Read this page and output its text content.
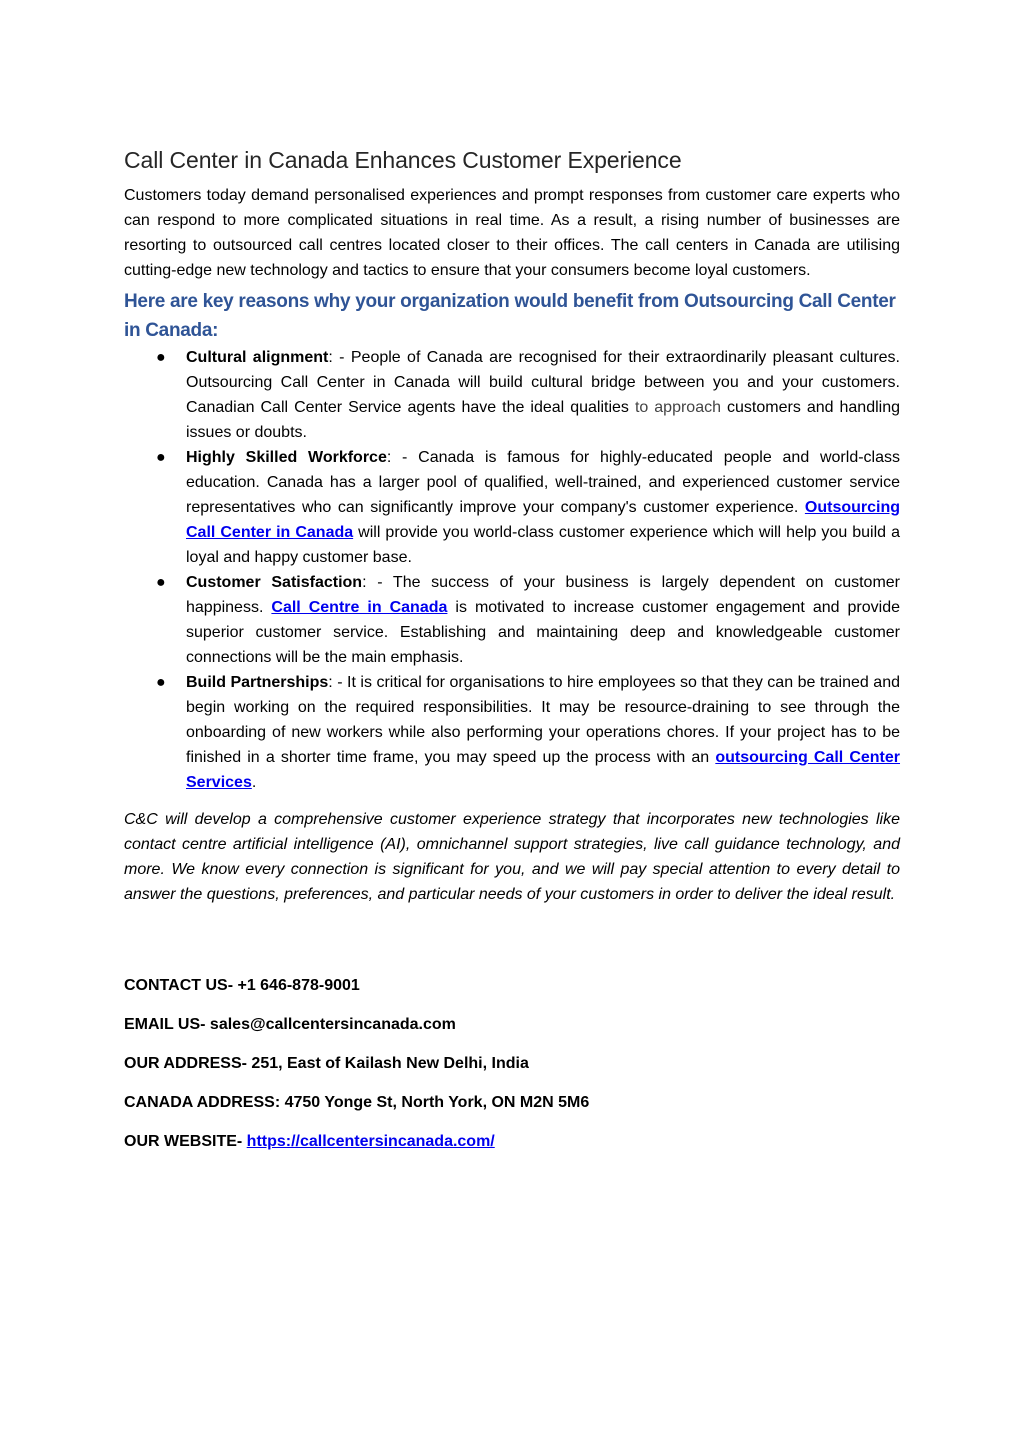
Call Center in Canada Enhances Customer Experience

Customers today demand personalised experiences and prompt responses from customer care experts who can respond to more complicated situations in real time. As a result, a rising number of businesses are resorting to outsourced call centres located closer to their offices. The call centers in Canada are utilising cutting-edge new technology and tactics to ensure that your consumers become loyal customers.

Here are key reasons why your organization would benefit from Outsourcing Call Center in Canada:
● Cultural alignment: - People of Canada are recognised for their extraordinarily pleasant cultures. Outsourcing Call Center in Canada will build cultural bridge between you and your customers. Canadian Call Center Service agents have the ideal qualities to approach customers and handling issues or doubts.
● Highly Skilled Workforce: - Canada is famous for highly-educated people and world-class education. Canada has a larger pool of qualified, well-trained, and experienced customer service representatives who can significantly improve your company's customer experience. Outsourcing Call Center in Canada will provide you world-class customer experience which will help you build a loyal and happy customer base.
● Customer Satisfaction: - The success of your business is largely dependent on customer happiness. Call Centre in Canada is motivated to increase customer engagement and provide superior customer service. Establishing and maintaining deep and knowledgeable customer connections will be the main emphasis.
● Build Partnerships: - It is critical for organisations to hire employees so that they can be trained and begin working on the required responsibilities. It may be resource-draining to see through the onboarding of new workers while also performing your operations chores. If your project has to be finished in a shorter time frame, you may speed up the process with an outsourcing Call Center Services.

C&C will develop a comprehensive customer experience strategy that incorporates new technologies like contact centre artificial intelligence (AI), omnichannel support strategies, live call guidance technology, and more. We know every connection is significant for you, and we will pay special attention to every detail to answer the questions, preferences, and particular needs of your customers in order to deliver the ideal result.

CONTACT US- +1 646-878-9001

EMAIL US- sales@callcentersincanada.com

OUR ADDRESS- 251, East of Kailash New Delhi, India

CANADA ADDRESS: 4750 Yonge St, North York, ON M2N 5M6

OUR WEBSITE- https://callcentersincanada.com/
